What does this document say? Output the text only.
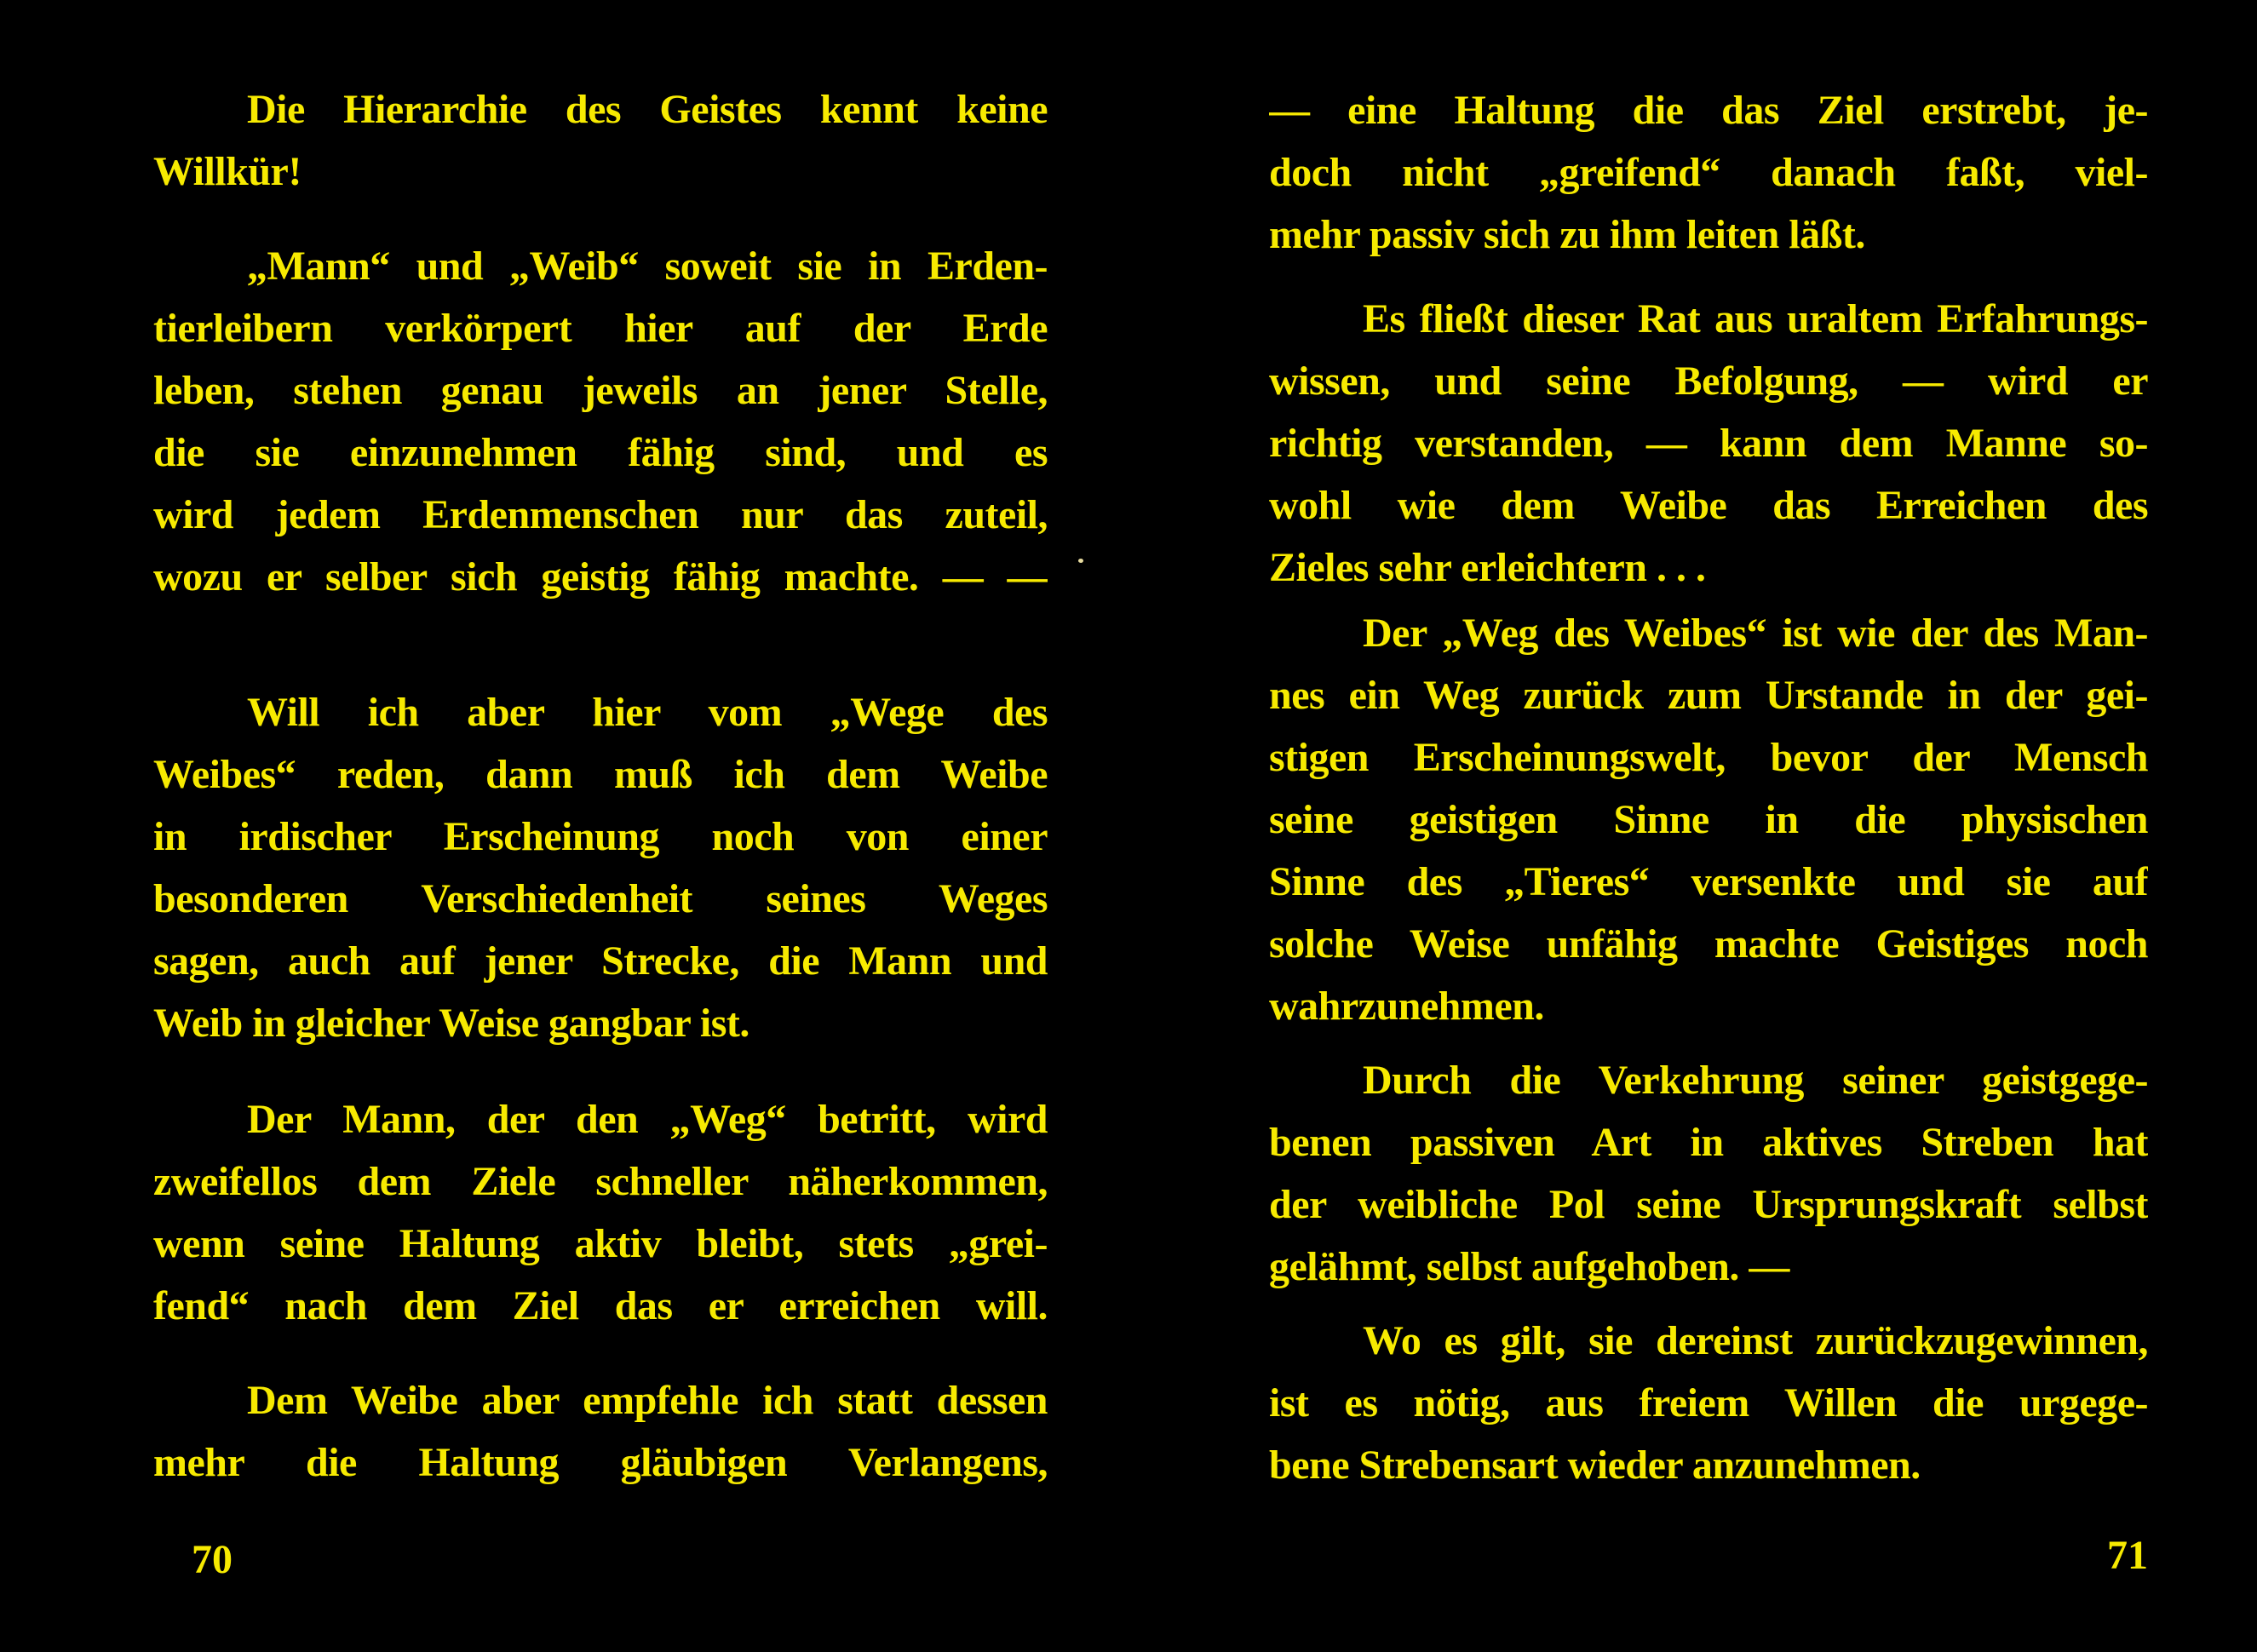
Die Hierarchie des Geistes kennt keine
Willkür!
„Mann“ und „Weib“ soweit sie in Erden-
tierleibern verkörpert hier auf der Erde
leben, stehen genau jeweils an jener Stelle,
die sie einzunehmen fähig sind, und es
wird jedem Erdenmenschen nur das zuteil,
wozu er selber sich geistig fähig machte. — —
Will ich aber hier vom „Wege des
Weibes“ reden, dann muß ich dem Weibe
in irdischer Erscheinung noch von einer
besonderen Verschiedenheit seines Weges
sagen, auch auf jener Strecke, die Mann und
Weib in gleicher Weise gangbar ist.
Der Mann, der den „Weg“ betritt, wird
zweifellos dem Ziele schneller näherkommen,
wenn seine Haltung aktiv bleibt, stets „grei-
fend“ nach dem Ziel das er erreichen will.
Dem Weibe aber empfehle ich statt dessen
mehr die Haltung gläubigen Verlangens,
— eine Haltung die das Ziel erstrebt, je-
doch nicht „greifend“ danach faßt, viel-
mehr passiv sich zu ihm leiten läßt.
Es fließt dieser Rat aus uraltem Erfahrungs-
wissen, und seine Befolgung, — wird er
richtig verstanden, — kann dem Manne so-
wohl wie dem Weibe das Erreichen des
Zieles sehr erleichtern . . .
Der „Weg des Weibes“ ist wie der des Man-
nes ein Weg zurück zum Urstande in der gei-
stigen Erscheinungswelt, bevor der Mensch
seine geistigen Sinne in die physischen
Sinne des „Tieres“ versenkte und sie auf
solche Weise unfähig machte Geistiges noch
wahrzunehmen.
Durch die Verkehrung seiner geistgege-
benen passiven Art in aktives Streben hat
der weibliche Pol seine Ursprungskraft selbst
gelähmt, selbst aufgehoben. —
Wo es gilt, sie dereinst zurückzugewinnen,
ist es nötig, aus freiem Willen die urgege-
bene Strebensart wieder anzunehmen.
70	71
